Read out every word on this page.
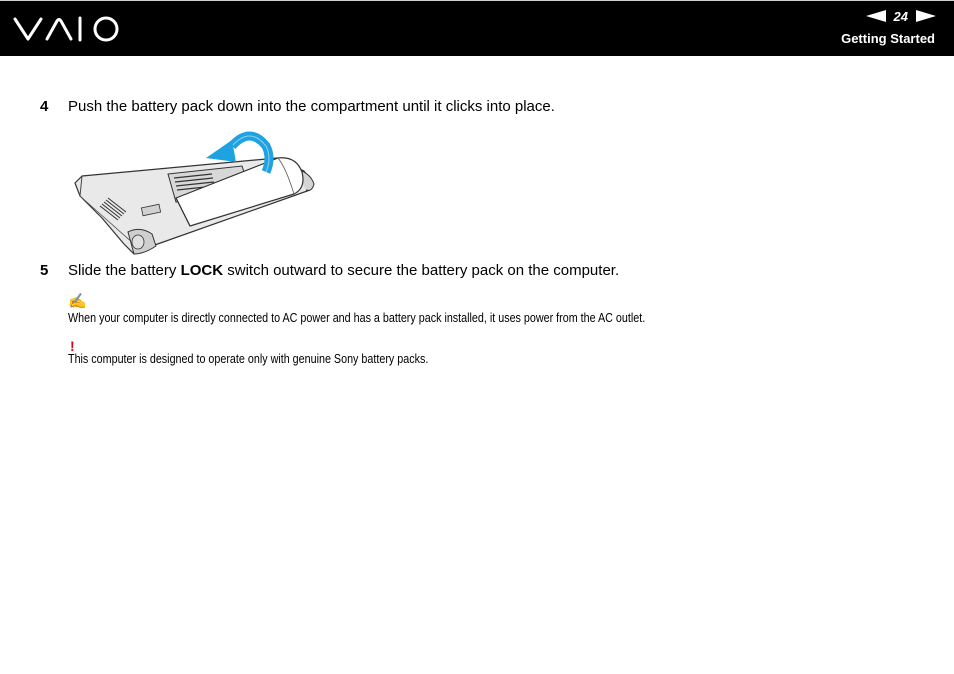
24
Getting Started
4	Push the battery pack down into the compartment until it clicks into place.
5	Slide the battery LOCK switch outward to secure the battery pack on the computer.
✍
When your computer is directly connected to AC power and has a battery pack installed, it uses power from the AC outlet.
!
This computer is designed to operate only with genuine Sony battery packs.
